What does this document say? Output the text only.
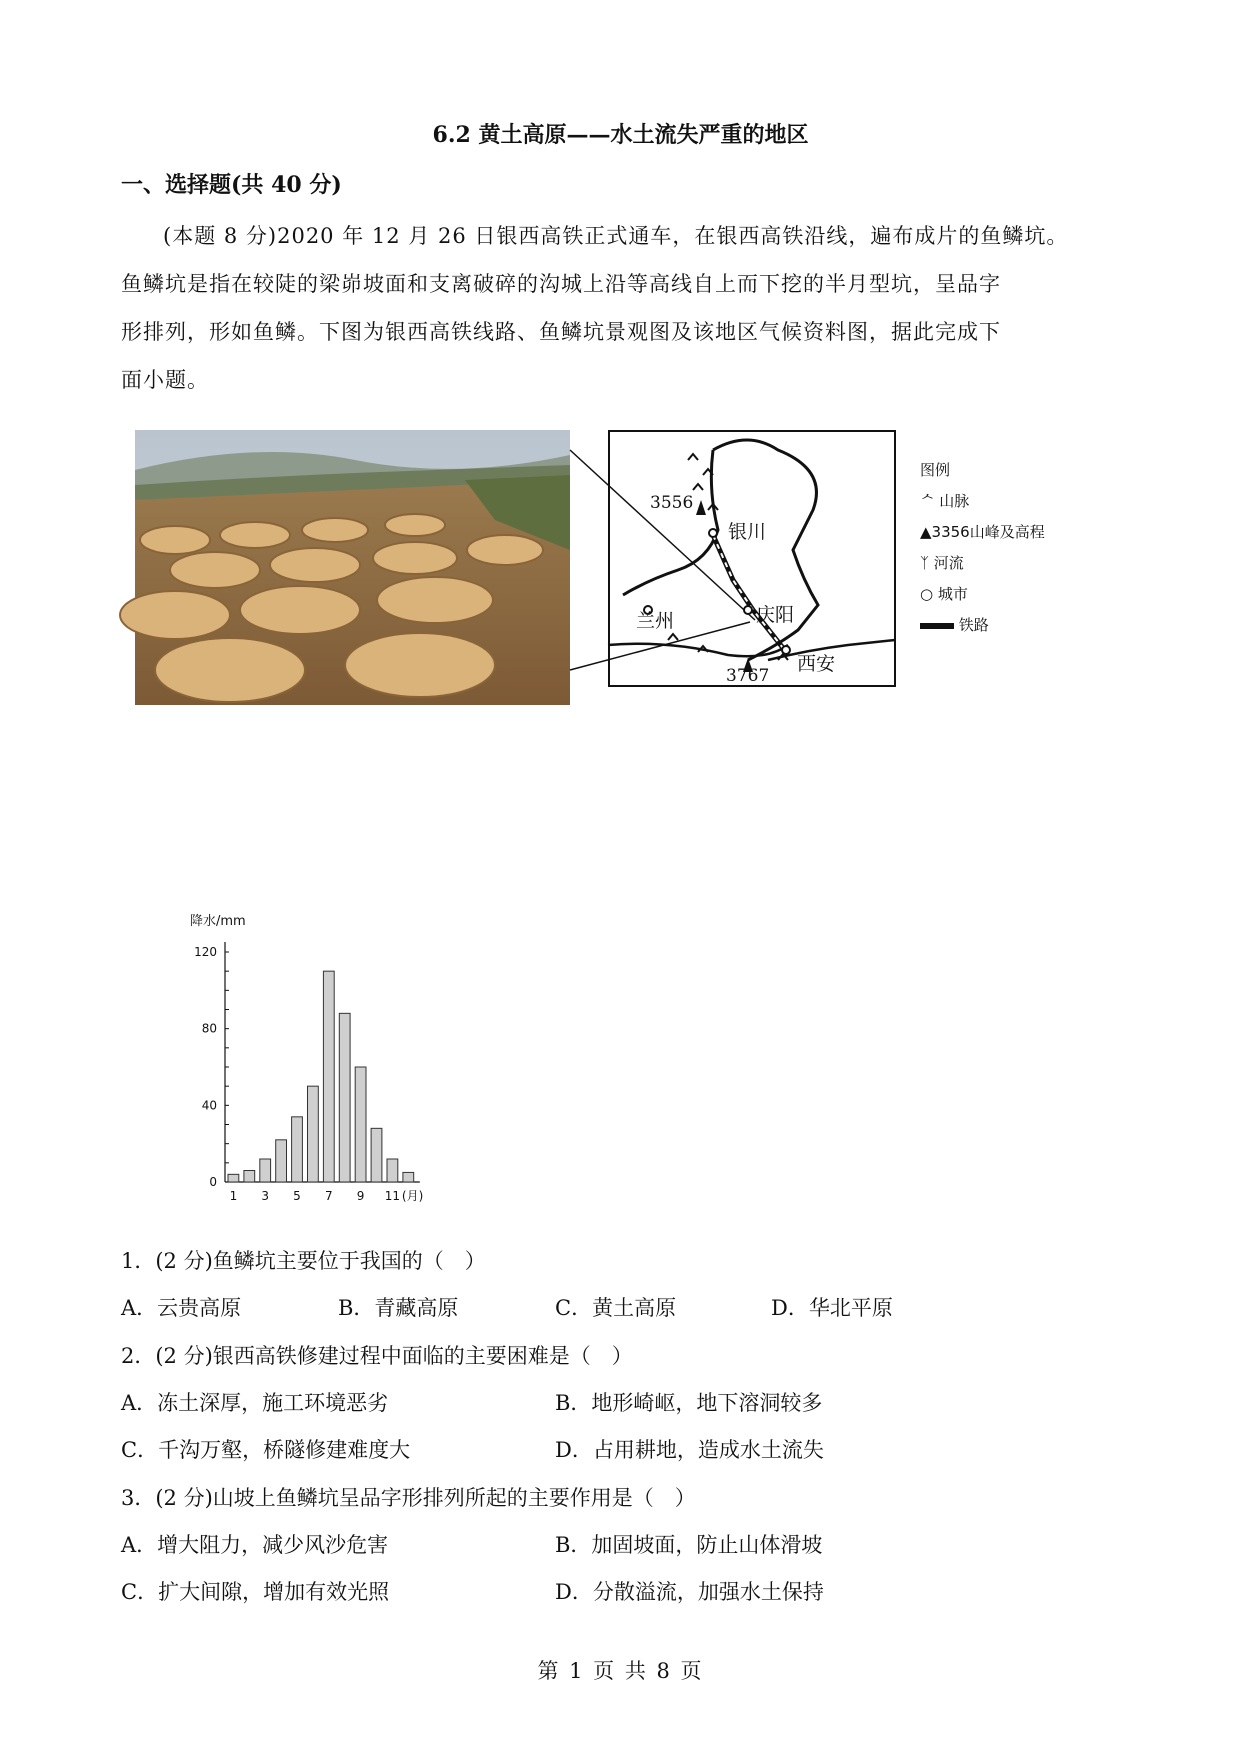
6.2 黄土高原——水土流失严重的地区
一、选择题(共 40 分)
(本题 8 分)2020 年 12 月 26 日银西高铁正式通车，在银西高铁沿线，遍布成片的鱼鳞坑。
鱼鳞坑是指在较陡的梁峁坡面和支离破碎的沟城上沿等高线自上而下挖的半月型坑，呈品字
形排列，形如鱼鳞。下图为银西高铁线路、鱼鳞坑景观图及该地区气候资料图，据此完成下
面小题。
3556
银川
庆阳
兰州
西安
3767
图例
ᄉ 山脉
▲3356山峰及高程
ᛉ 河流
○ 城市
铁路
降水/mm
0
40
80
120
1 3 5 7 9 11 (月)
1．(2 分)鱼鳞坑主要位于我国的（　）
A．云贵高原	B．青藏高原	C．黄土高原	D．华北平原
2．(2 分)银西高铁修建过程中面临的主要困难是（　）
A．冻土深厚，施工环境恶劣	B．地形崎岖，地下溶洞较多
C．千沟万壑，桥隧修建难度大	D．占用耕地，造成水土流失
3．(2 分)山坡上鱼鳞坑呈品字形排列所起的主要作用是（　）
A．增大阻力，减少风沙危害	B．加固坡面，防止山体滑坡
C．扩大间隙，增加有效光照	D．分散溢流，加强水土保持
第 1 页 共 8 页
